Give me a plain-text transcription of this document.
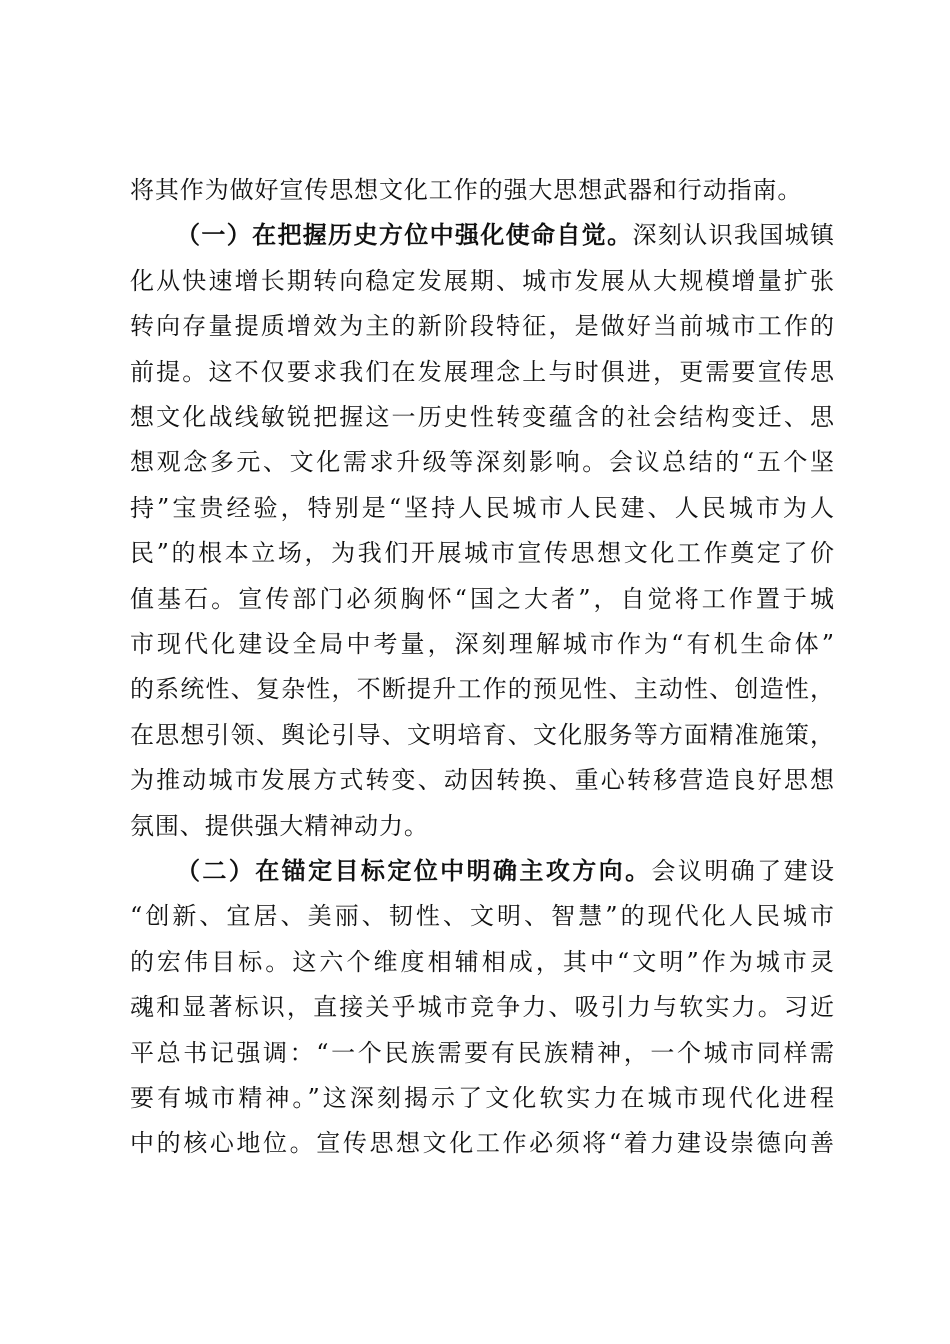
将其作为做好宣传思想文化工作的强大思想武器和行动指南。
（一）在把握历史方位中强化使命自觉。深刻认识我国城镇
化从快速增长期转向稳定发展期、城市发展从大规模增量扩张
转向存量提质增效为主的新阶段特征，是做好当前城市工作的
前提。这不仅要求我们在发展理念上与时俱进，更需要宣传思
想文化战线敏锐把握这一历史性转变蕴含的社会结构变迁、思
想观念多元、文化需求升级等深刻影响。会议总结的“五个坚
持”宝贵经验，特别是“坚持人民城市人民建、人民城市为人
民”的根本立场，为我们开展城市宣传思想文化工作奠定了价
值基石。宣传部门必须胸怀“国之大者”，自觉将工作置于城
市现代化建设全局中考量，深刻理解城市作为“有机生命体”
的系统性、复杂性，不断提升工作的预见性、主动性、创造性，
在思想引领、舆论引导、文明培育、文化服务等方面精准施策，
为推动城市发展方式转变、动因转换、重心转移营造良好思想
氛围、提供强大精神动力。
（二）在锚定目标定位中明确主攻方向。会议明确了建设
“创新、宜居、美丽、韧性、文明、智慧”的现代化人民城市
的宏伟目标。这六个维度相辅相成，其中“文明”作为城市灵
魂和显著标识，直接关乎城市竞争力、吸引力与软实力。习近
平总书记强调：“一个民族需要有民族精神，一个城市同样需
要有城市精神。”这深刻揭示了文化软实力在城市现代化进程
中的核心地位。宣传思想文化工作必须将“着力建设崇德向善
